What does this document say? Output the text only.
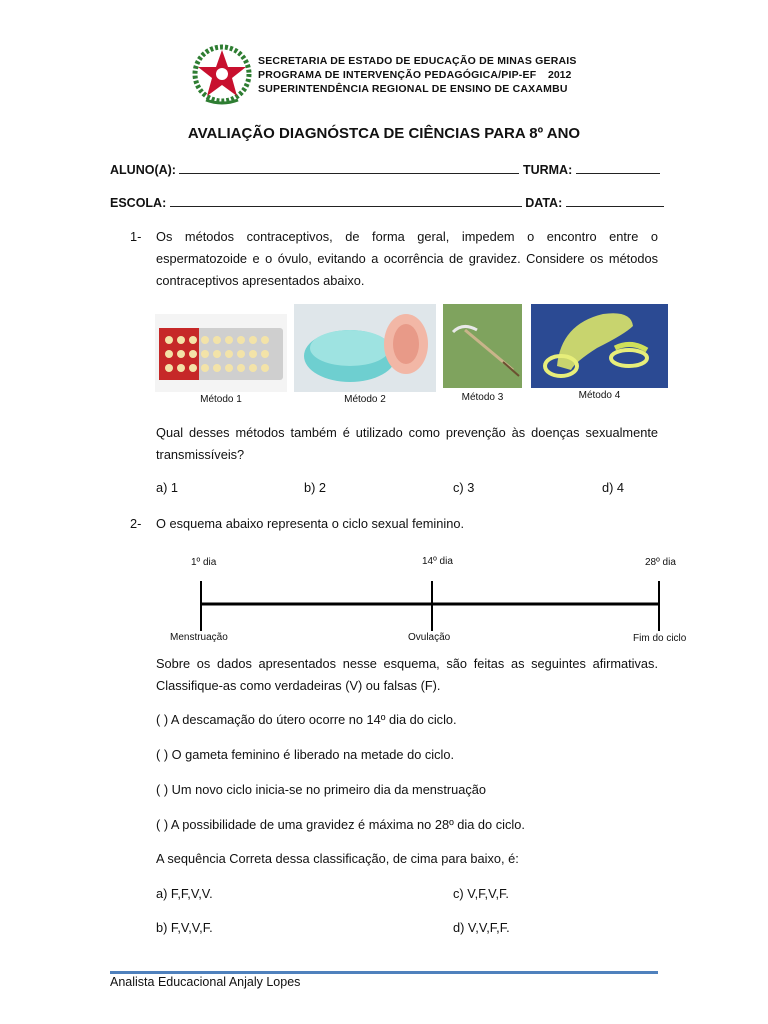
SECRETARIA DE ESTADO DE EDUCAÇÃO DE MINAS GERAIS
PROGRAMA DE INTERVENÇÃO PEDAGÓGICA/PIP-EF 2012
SUPERINTENDÊNCIA REGIONAL DE ENSINO DE CAXAMBU
AVALIAÇÃO DIAGNÓSTCA DE CIÊNCIAS PARA 8º ANO
ALUNO(A):	TURMA:
ESCOLA:	DATA:
1- Os métodos contraceptivos, de forma geral, impedem o encontro entre o espermatozoide e o óvulo, evitando a ocorrência de gravidez. Considere os métodos contraceptivos apresentados abaixo.
Método 1	Método 2	Método 3	Método 4
Qual desses métodos também é utilizado como prevenção às doenças sexualmente transmissíveis?
a) 1	b) 2	c) 3	d) 4
2- O esquema abaixo representa o ciclo sexual feminino.
1º dia	14º dia	28º dia
Menstruação	Ovulação	Fim do ciclo
Sobre os dados apresentados nesse esquema, são feitas as seguintes afirmativas. Classifique-as como verdadeiras (V) ou falsas (F).
( ) A descamação do útero ocorre no 14º dia do ciclo.
( ) O gameta feminino é liberado na metade do ciclo.
( ) Um novo ciclo inicia-se no primeiro dia da menstruação
( ) A possibilidade de uma gravidez é máxima no 28º dia do ciclo.
A sequência Correta dessa classificação, de cima para baixo, é:
a) F,F,V,V.	c) V,F,V,F.
b) F,V,V,F.	d) V,V,F,F.
Analista Educacional Anjaly Lopes
